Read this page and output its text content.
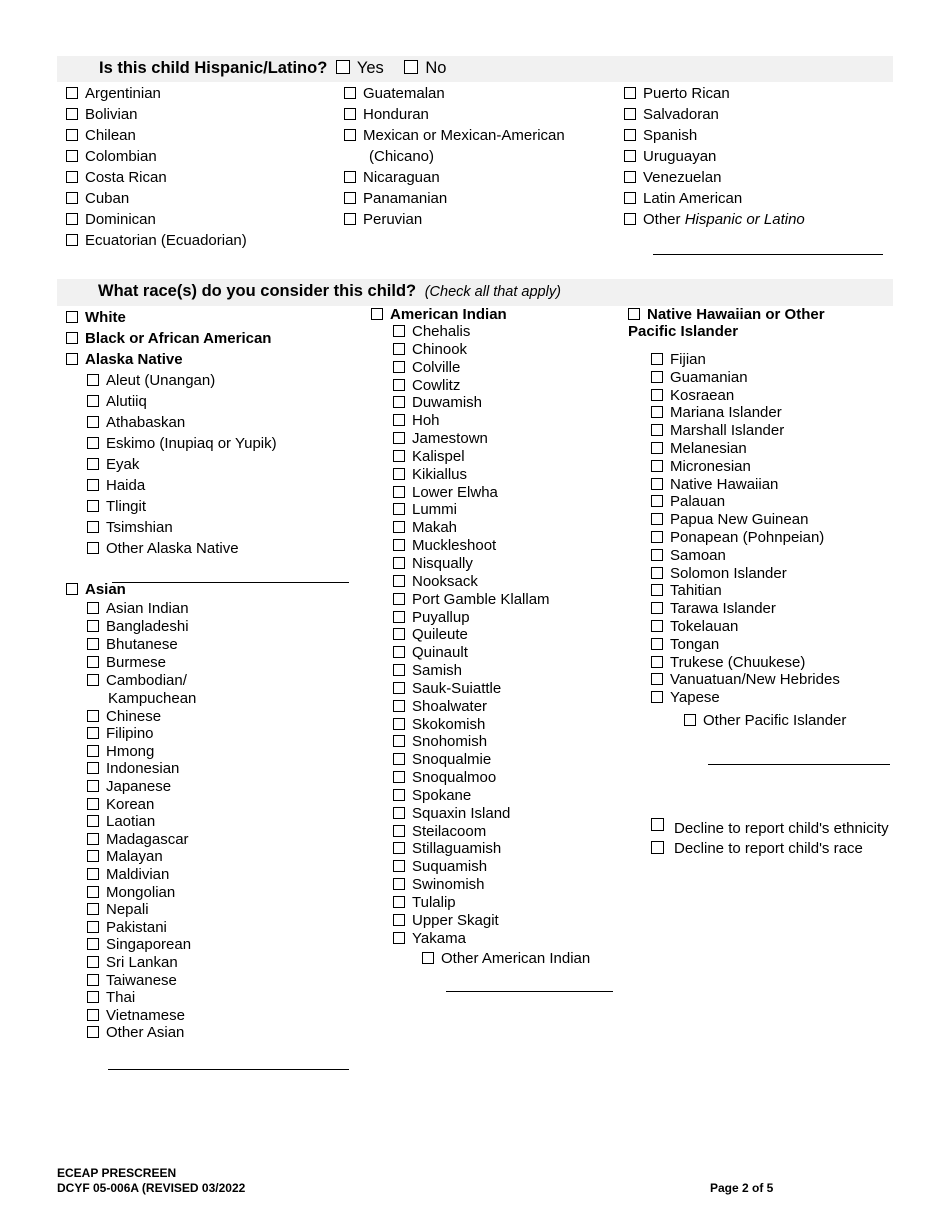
Is this child Hispanic/Latino? Yes	No
Argentinian
Bolivian
Chilean
Colombian
Costa Rican
Cuban
Dominican
Ecuatorian (Ecuadorian)
Guatemalan
Honduran
Mexican or Mexican-American
(Chicano)
Nicaraguan
Panamanian
Peruvian
Puerto Rican
Salvadoran
Spanish
Uruguayan
Venezuelan
Latin American
Other Hispanic or Latino
What race(s) do you consider this child? (Check all that apply)
White
Black or African American
Alaska Native
Aleut (Unangan)
Alutiiq
Athabaskan
Eskimo (Inupiaq or Yupik)
Eyak
Haida
Tlingit
Tsimshian
Other Alaska Native
Asian
Asian Indian
Bangladeshi
Bhutanese
Burmese
Cambodian/
Kampuchean
Chinese
Filipino
Hmong
Indonesian
Japanese
Korean
Laotian
Madagascar
Malayan
Maldivian
Mongolian
Nepali
Pakistani
Singaporean
Sri Lankan
Taiwanese
Thai
Vietnamese
Other Asian
American Indian
Chehalis
Chinook
Colville
Cowlitz
Duwamish
Hoh
Jamestown
Kalispel
Kikiallus
Lower Elwha
Lummi
Makah
Muckleshoot
Nisqually
Nooksack
Port Gamble Klallam
Puyallup
Quileute
Quinault
Samish
Sauk-Suiattle
Shoalwater
Skokomish
Snohomish
Snoqualmie
Snoqualmoo
Spokane
Squaxin Island
Steilacoom
Stillaguamish
Suquamish
Swinomish
Tulalip
Upper Skagit
Yakama
Other American Indian
Native Hawaiian or Other
Pacific Islander
Fijian
Guamanian
Kosraean
Mariana Islander
Marshall Islander
Melanesian
Micronesian
Native Hawaiian
Palauan
Papua New Guinean
Ponapean (Pohnpeian)
Samoan
Solomon Islander
Tahitian
Tarawa Islander
Tokelauan
Tongan
Trukese (Chuukese)
Vanuatuan/New Hebrides
Yapese
Other Pacific Islander
Decline to report child's ethnicity
Decline to report child's race
ECEAP PRESCREEN
DCYF 05-006A (REVISED 03/2022	Page 2 of 5
